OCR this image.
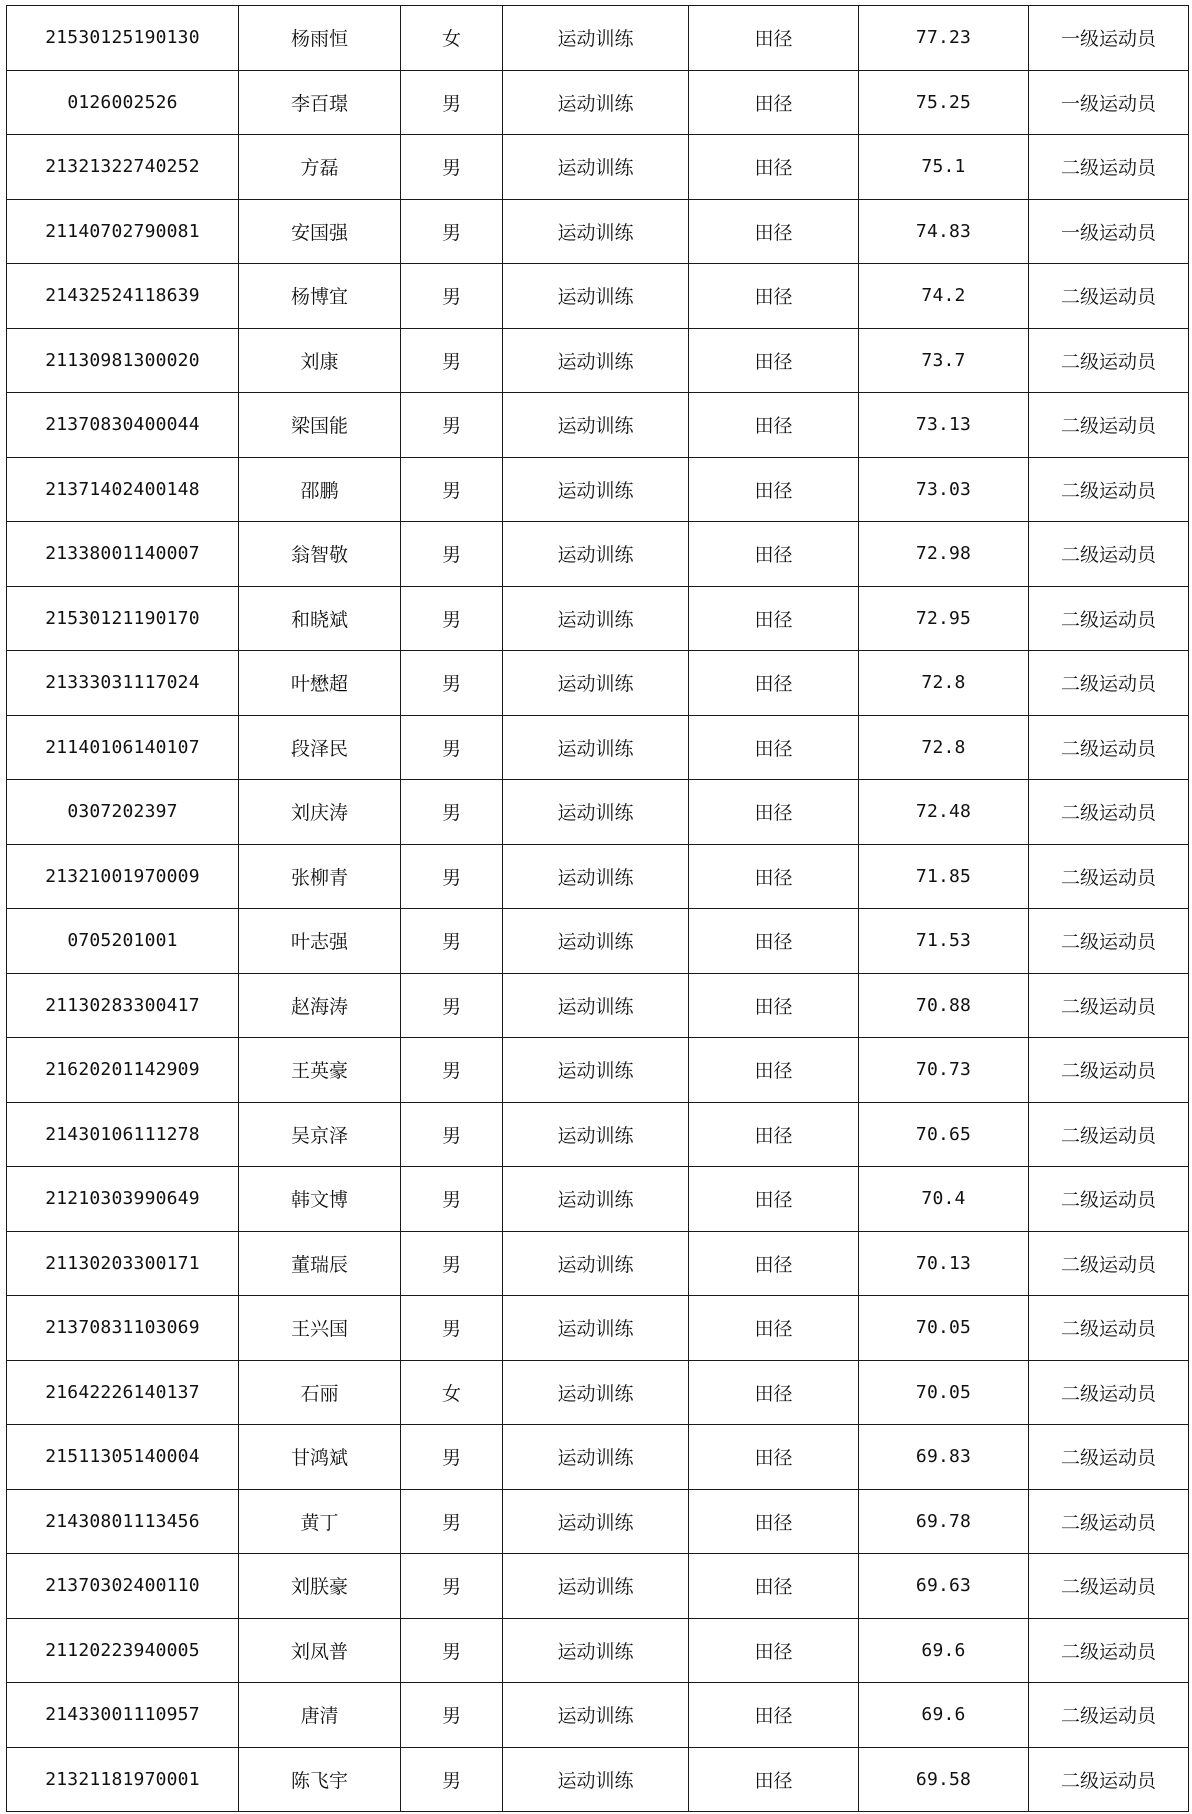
21530125190130	杨雨恒	女	运动训练	田径	77.23	一级运动员
0126002526	李百璟	男	运动训练	田径	75.25	一级运动员
21321322740252	方磊	男	运动训练	田径	75.1	二级运动员
21140702790081	安国强	男	运动训练	田径	74.83	一级运动员
21432524118639	杨博宜	男	运动训练	田径	74.2	二级运动员
21130981300020	刘康	男	运动训练	田径	73.7	二级运动员
21370830400044	梁国能	男	运动训练	田径	73.13	二级运动员
21371402400148	邵鹏	男	运动训练	田径	73.03	二级运动员
21338001140007	翁智敬	男	运动训练	田径	72.98	二级运动员
21530121190170	和晓斌	男	运动训练	田径	72.95	二级运动员
21333031117024	叶懋超	男	运动训练	田径	72.8	二级运动员
21140106140107	段泽民	男	运动训练	田径	72.8	二级运动员
0307202397	刘庆涛	男	运动训练	田径	72.48	二级运动员
21321001970009	张柳青	男	运动训练	田径	71.85	二级运动员
0705201001	叶志强	男	运动训练	田径	71.53	二级运动员
21130283300417	赵海涛	男	运动训练	田径	70.88	二级运动员
21620201142909	王英豪	男	运动训练	田径	70.73	二级运动员
21430106111278	吴京泽	男	运动训练	田径	70.65	二级运动员
21210303990649	韩文博	男	运动训练	田径	70.4	二级运动员
21130203300171	董瑞辰	男	运动训练	田径	70.13	二级运动员
21370831103069	王兴国	男	运动训练	田径	70.05	二级运动员
21642226140137	石丽	女	运动训练	田径	70.05	二级运动员
21511305140004	甘鸿斌	男	运动训练	田径	69.83	二级运动员
21430801113456	黄丁	男	运动训练	田径	69.78	二级运动员
21370302400110	刘朕豪	男	运动训练	田径	69.63	二级运动员
21120223940005	刘凤普	男	运动训练	田径	69.6	二级运动员
21433001110957	唐清	男	运动训练	田径	69.6	二级运动员
21321181970001	陈飞宇	男	运动训练	田径	69.58	二级运动员
